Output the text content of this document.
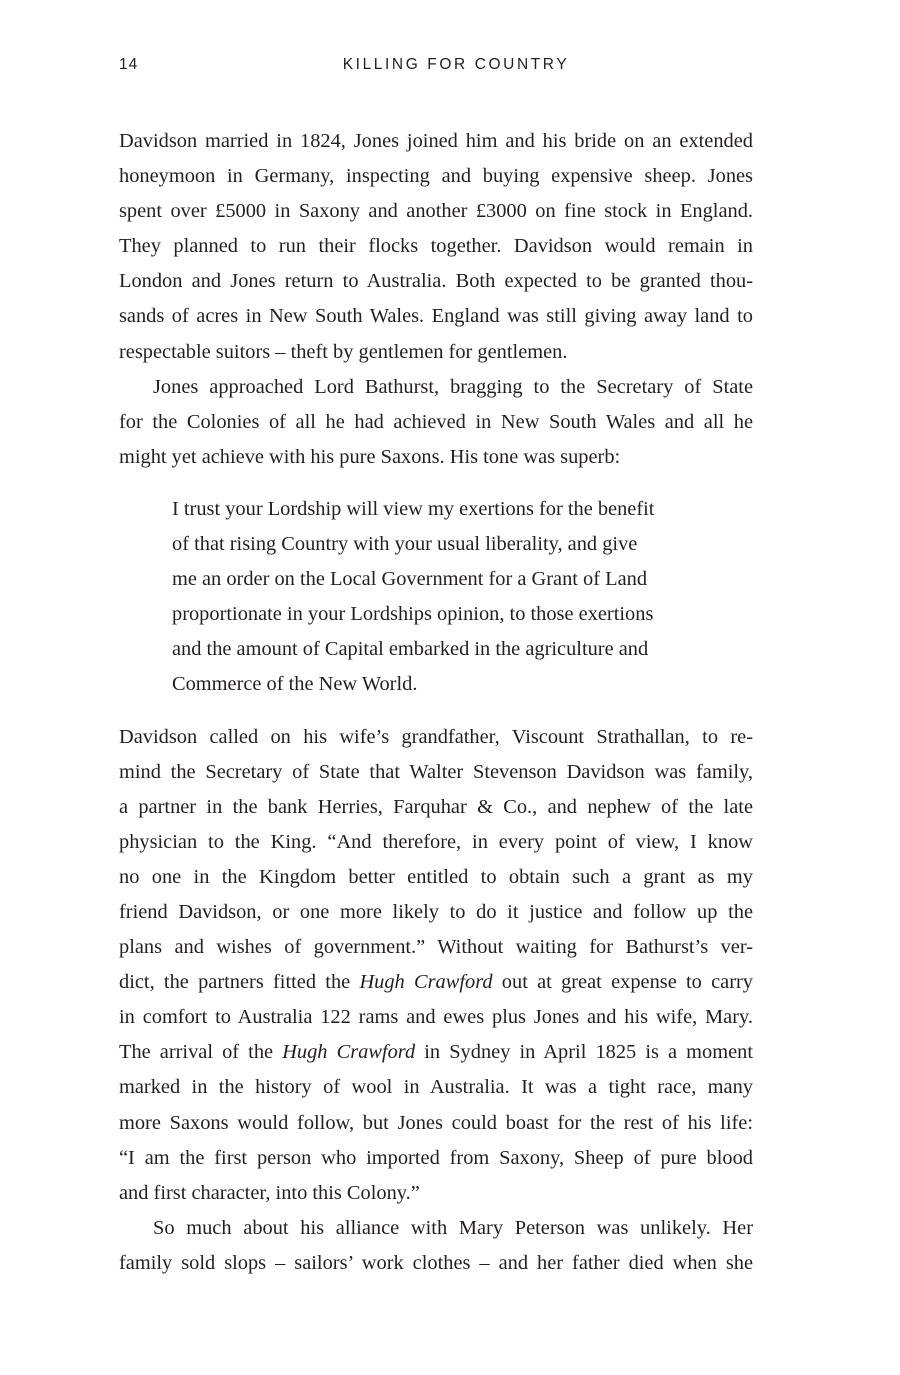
14	KILLING FOR COUNTRY

Davidson married in 1824, Jones joined him and his bride on an extended
honeymoon in Germany, inspecting and buying expensive sheep. Jones
spent over £5000 in Saxony and another £3000 on fine stock in England.
They planned to run their flocks together. Davidson would remain in
London and Jones return to Australia. Both expected to be granted thou-
sands of acres in New South Wales. England was still giving away land to
respectable suitors – theft by gentlemen for gentlemen.

Jones approached Lord Bathurst, bragging to the Secretary of State
for the Colonies of all he had achieved in New South Wales and all he
might yet achieve with his pure Saxons. His tone was superb:

I trust your Lordship will view my exertions for the benefit
of that rising Country with your usual liberality, and give
me an order on the Local Government for a Grant of Land
proportionate in your Lordships opinion, to those exertions
and the amount of Capital embarked in the agriculture and
Commerce of the New World.

Davidson called on his wife’s grandfather, Viscount Strathallan, to re-
mind the Secretary of State that Walter Stevenson Davidson was family,
a partner in the bank Herries, Farquhar & Co., and nephew of the late
physician to the King. “And therefore, in every point of view, I know
no one in the Kingdom better entitled to obtain such a grant as my
friend Davidson, or one more likely to do it justice and follow up the
plans and wishes of government.” Without waiting for Bathurst’s ver-
dict, the partners fitted the Hugh Crawford out at great expense to carry
in comfort to Australia 122 rams and ewes plus Jones and his wife, Mary.
The arrival of the Hugh Crawford in Sydney in April 1825 is a moment
marked in the history of wool in Australia. It was a tight race, many
more Saxons would follow, but Jones could boast for the rest of his life:
“I am the first person who imported from Saxony, Sheep of pure blood
and first character, into this Colony.”

So much about his alliance with Mary Peterson was unlikely. Her
family sold slops – sailors’ work clothes – and her father died when she
